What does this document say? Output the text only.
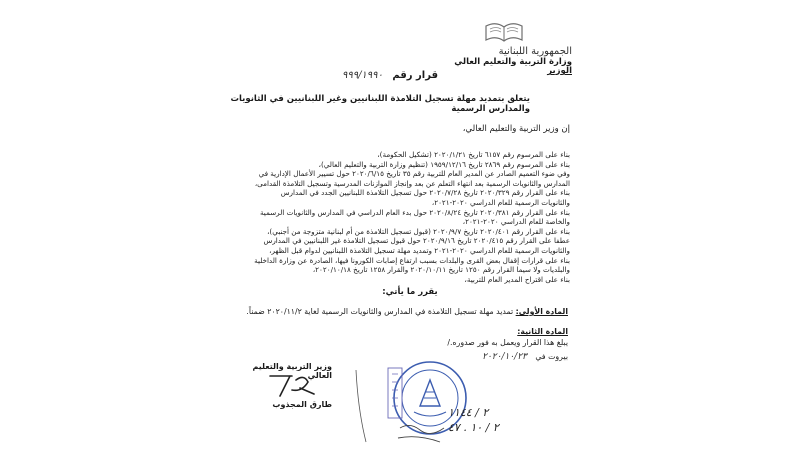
الجمهورية اللبنانية
وزارة التربية والتعليم العالي
الوزير
قرار رقم ٩٩٩/١٩٩٠
يتعلق بتمديد مهلة تسجيل التلامذة اللبنانيين وغير اللبنانيين في الثانويات والمدارس الرسمية
إن وزير التربية والتعليم العالي،
بناء على المرسوم رقم ٦١٥٧ تاريخ ٢٠٢٠/١/٢١ (تشكيل الحكومة)،
بناء على المرسوم رقم ٢٨٦٩ تاريخ ١٩٥٩/١٢/١٦ (تنظيم وزارة التربية والتعليم العالي)،
وفي ضوء التعميم الصادر عن المدير العام للتربية رقم ٣٥ تاريخ ٢٠٢٠/٦/١٥ حول تسيير الأعمال الإدارية في
المدارس والثانويات الرسمية بعد انتهاء التعلم عن بعد وإنجاز الموازنات المدرسية وتسجيل التلامذة القدامى،
بناء على القرار رقم ٢٠٢٠/٣٢٩ تاريخ ٢٠٢٠/٧/٢٨ حول تسجيل التلامذة اللبنانيين الجدد في المدارس
والثانويات الرسمية للعام الدراسي ٢٠٢٠-٢٠٢١،
بناء على القرار رقم ٢٠٢٠/٣٨١ تاريخ ٢٠٢٠/٨/٢٤ حول بدء العام الدراسي في المدارس والثانويات الرسمية
والخاصة للعام الدراسي ٢٠٢٠-٢٠٢١،
بناء على القرار رقم ٢٠٢٠/٤٠١ تاريخ ٢٠٢٠/٩/٧ (قبول تسجيل التلامذة من أم لبنانية متزوجة من أجنبي)،
عطفا على القرار رقم ٢٠٢٠/٤١٥ تاريخ ٢٠٢٠/٩/١٦ حول قبول تسجيل التلامذة غير اللبنانيين في المدارس
والثانويات الرسمية للعام الدراسي ٢٠٢٠-٢٠٢١ وتمديد مهلة تسجيل التلامذة اللبنانيين لدوام قبل الظهر،
بناء على قرارات إقفال بعض القرى والبلدات بسبب ارتفاع إصابات الكورونا فيها، الصادرة عن وزارة الداخلية
والبلديات ولا سيما القرار رقم ١٢٥٠ تاريخ ٢٠٢٠/١٠/١١ والقرار ١٢٥٨ تاريخ ٢٠٢٠/١٠/١٨،
بناء على اقتراح المدير العام للتربية،
يقرر ما يأتي:
المادة الأولى: تمديد مهلة تسجيل التلامذة في المدارس والثانويات الرسمية لغاية ٢٠٢٠/١١/٢ ضمناً.
المادة الثانية:
يبلغ هذا القرار ويعمل به فور صدوره./
بيروت في ٢٠٢٠/١٠/٢٣
وزير التربية والتعليم العالي
طارق المجذوب
٢ / ١١٤٤
٢ / ١٠ . ٤٧
